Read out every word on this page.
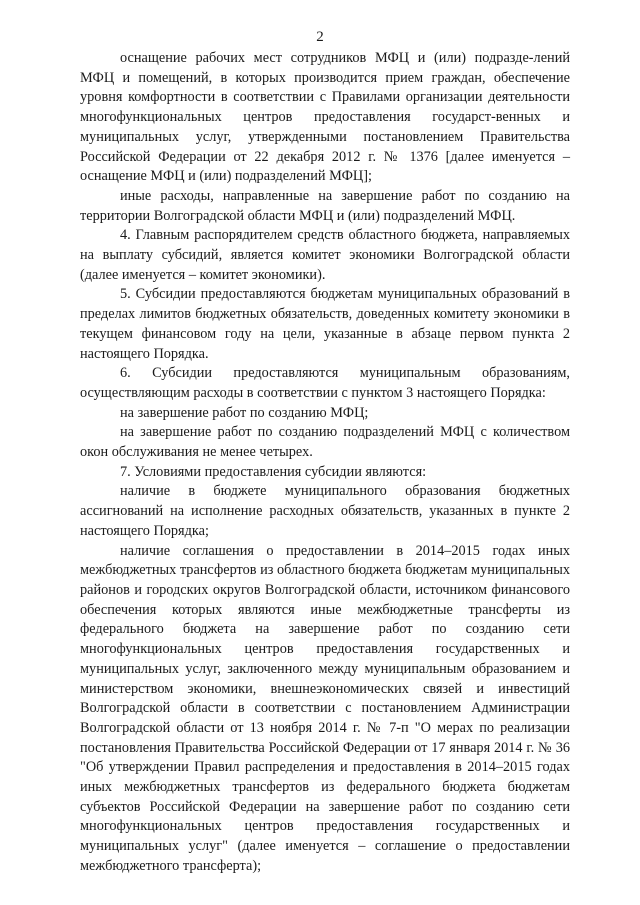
2

оснащение рабочих мест сотрудников МФЦ и (или) подразде-лений МФЦ и помещений, в которых производится прием граждан, обеспечение уровня комфортности в соответствии с Правилами организации деятельности многофункциональных центров предоставления государст-венных и муниципальных услуг, утвержденными постановлением Правительства Российской Федерации от 22 декабря 2012 г. № 1376 [далее именуется – оснащение МФЦ и (или) подразделений МФЦ];

иные расходы, направленные на завершение работ по созданию на территории Волгоградской области МФЦ и (или) подразделений МФЦ.

4. Главным распорядителем средств областного бюджета, направляемых на выплату субсидий, является комитет экономики Волгоградской области (далее именуется – комитет экономики).

5. Субсидии предоставляются бюджетам муниципальных образований в пределах лимитов бюджетных обязательств, доведенных комитету экономики в текущем финансовом году на цели, указанные в абзаце первом пункта 2 настоящего Порядка.

6. Субсидии предоставляются муниципальным образованиям, осуществляющим расходы в соответствии с пунктом 3 настоящего Порядка:

на завершение работ по созданию МФЦ;

на завершение работ по созданию подразделений МФЦ с количеством окон обслуживания не менее четырех.

7. Условиями предоставления субсидии являются:

наличие в бюджете муниципального образования бюджетных ассигнований на исполнение расходных обязательств, указанных в пункте 2 настоящего Порядка;

наличие соглашения о предоставлении в 2014–2015 годах иных межбюджетных трансфертов из областного бюджета бюджетам муниципальных районов и городских округов Волгоградской области, источником финансового обеспечения которых являются иные межбюджетные трансферты из федерального бюджета на завершение работ по созданию сети многофункциональных центров предоставления государственных и муниципальных услуг, заключенного между муниципальным образованием и министерством экономики, внешнеэкономических связей и инвестиций Волгоградской области в соответствии с постановлением Администрации Волгоградской области от 13 ноября 2014 г. № 7-п "О мерах по реализации постановления Правительства Российской Федерации от 17 января 2014 г. № 36 "Об утверждении Правил распределения и предоставления в 2014–2015 годах иных межбюджетных трансфертов из федерального бюджета бюджетам субъектов Российской Федерации на завершение работ по созданию сети многофункциональных центров предоставления государственных и муниципальных услуг" (далее именуется – соглашение о предоставлении межбюджетного трансферта);
